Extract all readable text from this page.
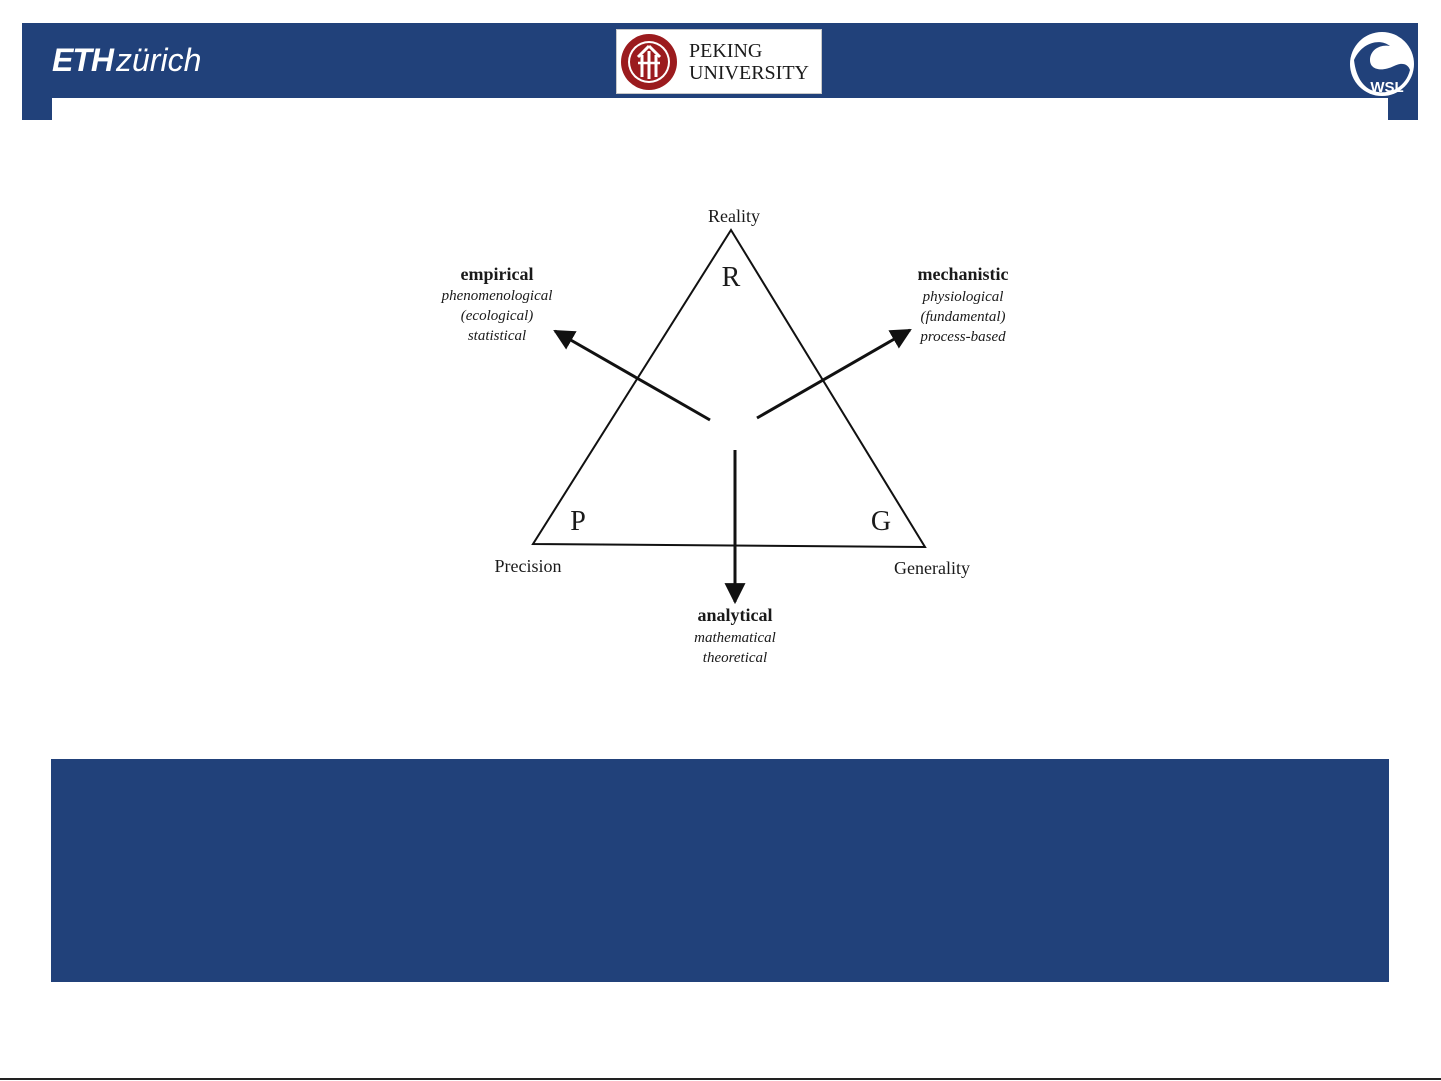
ETHzürich	PEKING
UNIVERSITY
WSL
Reality
R
Precision
P
Generality
G
empirical
phenomenological
(ecological)
statistical
mechanistic
physiological
(fundamental)
process-based
analytical
mathematical
theoretical
